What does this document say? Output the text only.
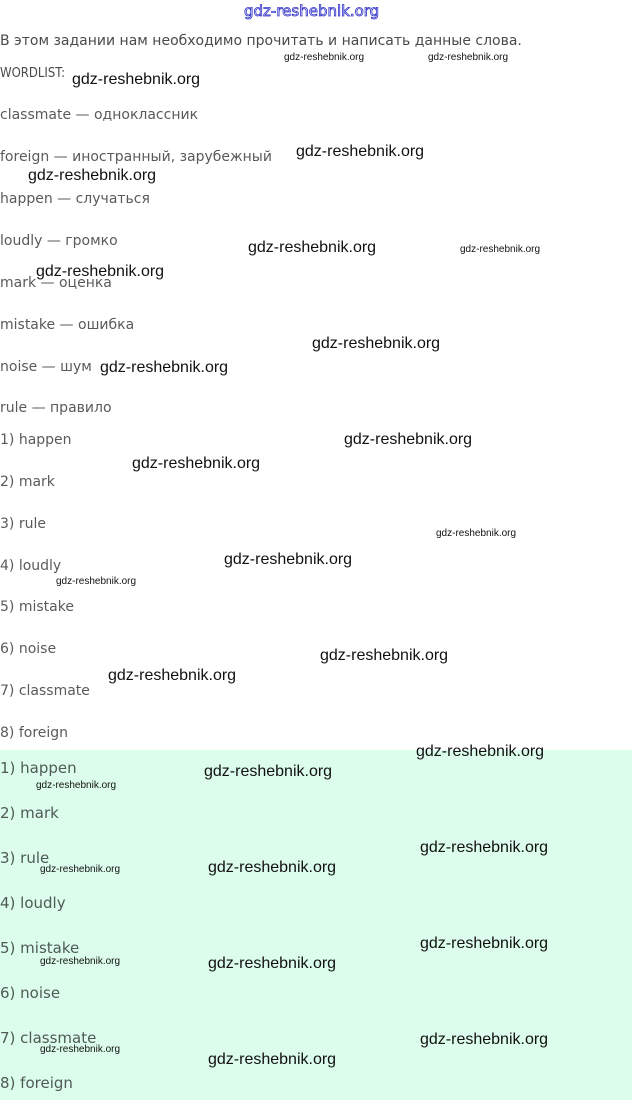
gdz-reshebnik.org
В этом задании нам необходимо прочитать и написать данные слова.
WORDLIST:
classmate — одноклассник
foreign — иностранный, зарубежный
happen — случаться
loudly — громко
mark — оценка
mistake — ошибка
noise — шум
rule — правило
1) happen
2) mark
3) rule
4) loudly
5) mistake
6) noise
7) classmate
8) foreign
1) happen
2) mark
3) rule
4) loudly
5) mistake
6) noise
7) classmate
8) foreign
gdz-reshebnik.org
gdz-reshebnik.org	gdz-reshebnik.org
gdz-reshebnik.org
gdz-reshebnik.org
gdz-reshebnik.org	gdz-reshebnik.org
gdz-reshebnik.org
gdz-reshebnik.org
gdz-reshebnik.org
gdz-reshebnik.org
gdz-reshebnik.org
gdz-reshebnik.org
gdz-reshebnik.org
gdz-reshebnik.org
gdz-reshebnik.org
gdz-reshebnik.org
gdz-reshebnik.org
gdz-reshebnik.org
gdz-reshebnik.org
gdz-reshebnik.org
gdz-reshebnik.org
gdz-reshebnik.org
gdz-reshebnik.org
gdz-reshebnik.org
gdz-reshebnik.org
gdz-reshebnik.org
gdz-reshebnik.org
gdz-reshebnik.org
